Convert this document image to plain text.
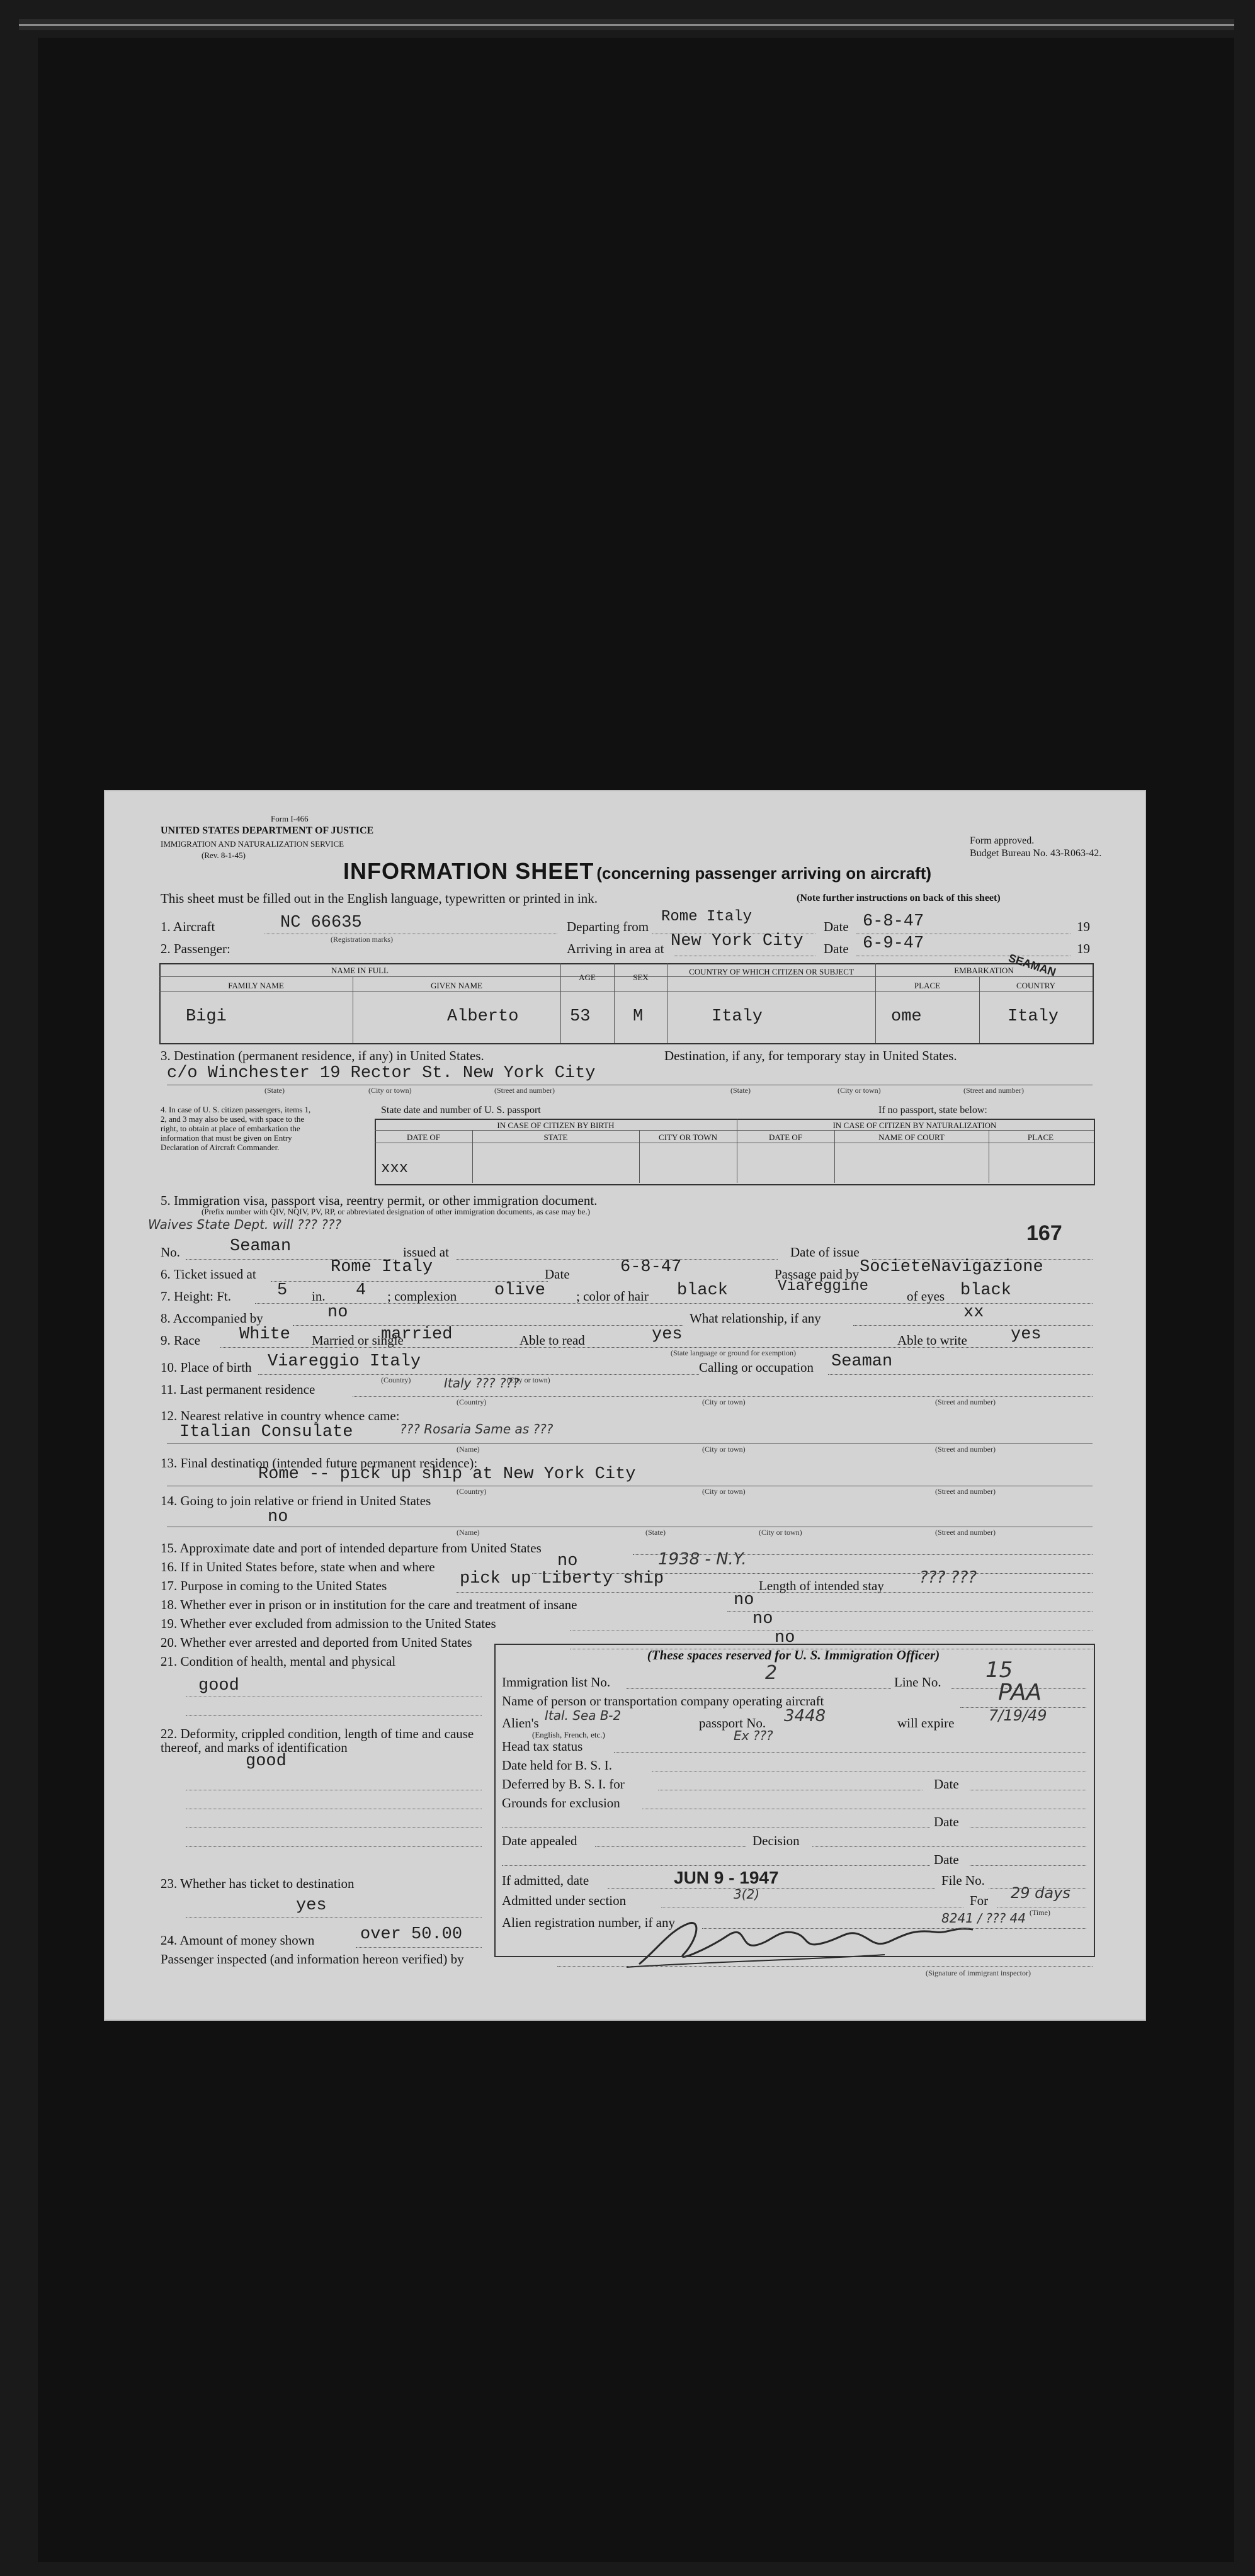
Form I-466
UNITED STATES DEPARTMENT OF JUSTICE
IMMIGRATION AND NATURALIZATION SERVICE
(Rev. 8-1-45)
Form approved.
Budget Bureau No. 43-R063-42.
INFORMATION SHEET (concerning passenger arriving on aircraft)
This sheet must be filled out in the English language, typewritten or printed in ink.	(Note further instructions on back of this sheet)
1. Aircraft	NC 66635
(Registration marks)
Departing from
Rome Italy
Date 6-8-47	19
2. Passenger:	Arriving in area at New York City Date 6-9-47	19
NAME IN FULL
FAMILY NAME	GIVEN NAME
AGE	SEX
COUNTRY OF WHICH CITIZEN OR SUBJECT	EMBARKATION
PLACE	COUNTRY
Bigi	Alberto	53	M	Italy	ome	Italy
SEAMAN
3. Destination (permanent residence, if any) in United States.	Destination, if any, for temporary stay in United States.
c/o Winchester 19 Rector St. New York City
(State)	(City or town)	(Street and number)	(State)	(City or town)	(Street and number)
4. In case of U. S. citizen passengers, items 1, 2, and 3 may also be used, with space to the right, to obtain at place of embarkation the information that must be given on Entry Declaration of Aircraft Commander.
State date and number of U. S. passport	If no passport, state below:
IN CASE OF CITIZEN BY BIRTH	IN CASE OF CITIZEN BY NATURALIZATION
DATE OF	STATE	CITY OR TOWN	DATE OF	NAME OF COURT	PLACE
xxx
5. Immigration visa, passport visa, reentry permit, or other immigration document.
(Prefix number with QIV, NQIV, PV, RP, or abbreviated designation of other immigration documents, as case may be.)
Waives State Dept. will ??? ???	167
No.	Seaman	issued at	Date of issue
6. Ticket issued at	Rome Italy	Date	6-8-47	Passage paid by SocieteNavigazione
Viareggine
7. Height: Ft.	5 in. 4 ; complexion olive ; color of hair black	of eyes black
8. Accompanied by	no	What relationship, if any	xx
9. Race White Married or single
married	Able to read	yes	Able to write	yes
(State language or ground for exemption)
10. Place of birth Viareggio Italy
(Country)	(City or town)
Calling or occupation Seaman
11. Last permanent residence	Italy ??? ???
(Country)	(City or town)	(Street and number)
12. Nearest relative in country whence came:
Italian Consulate	??? Rosaria Same as ???
(Name)	(City or town)	(Street and number)
13. Final destination (intended future permanent residence):
Rome -- pick up ship at New York City
(Country)	(City or town)	(Street and number)
14. Going to join relative or friend in United States
no
(Name)	(State)	(City or town)	(Street and number)
15. Approximate date and port of intended departure from United States
16. If in United States before, state when and where	no	1938 - N.Y.
17. Purpose in coming to the United States	pick up Liberty ship	Length of intended stay ??? ???
18. Whether ever in prison or in institution for the care and treatment of insane	no
19. Whether ever excluded from admission to the United States	no
20. Whether ever arrested and deported from United States	no
21. Condition of health, mental and physical
good
22. Deformity, crippled condition, length of time and cause thereof, and marks of identification
good
23. Whether has ticket to destination
yes
24. Amount of money shown	over 50.00
Passenger inspected (and information hereon verified) by
(Signature of immigrant inspector)
(These spaces reserved for U. S. Immigration Officer)
Immigration list No.	2	Line No. 15
Name of person or transportation company operating aircraft	PAA
Alien's Ital. Sea B-2
(English, French, etc.)
passport No. 3448	will expire 7/19/49
Head tax status
Ex ???
Date held for B. S. I.
Deferred by B. S. I. for	Date
Grounds for exclusion
Date
Date appealed	Decision
Date
If admitted, date	JUN 9 - 1947	File No.
Admitted under section	3(2)	For 29 days
(Time)
Alien registration number, if any	8241 / ??? 44
